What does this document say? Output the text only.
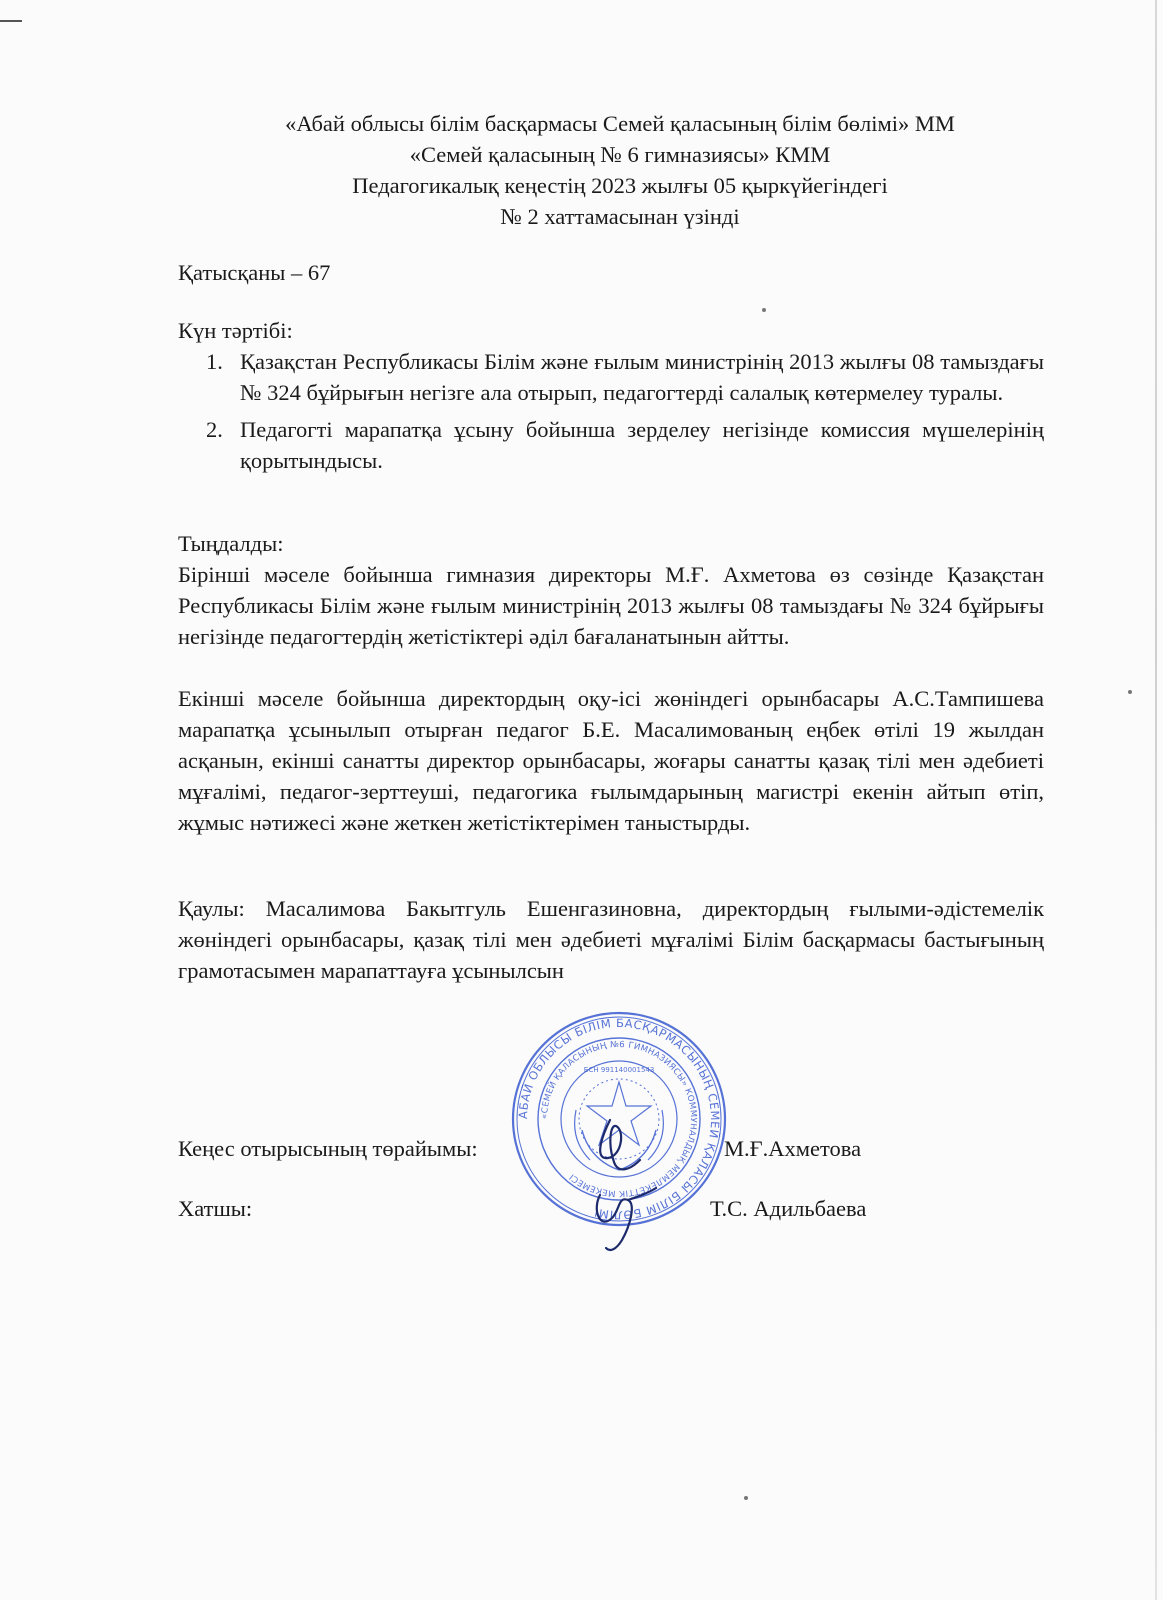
«Абай облысы білім басқармасы Семей қаласының білім бөлімі» ММ
«Семей қаласының № 6 гимназиясы» КММ
Педагогикалық кеңестің 2023 жылғы 05 қыркүйегіндегі
№ 2 хаттамасынан үзінді
Қатысқаны – 67
Күн тәртібі:
1. Қазақстан Республикасы Білім және ғылым министрінің 2013 жылғы 08 тамыздағы № 324 бұйрығын негізге ала отырып, педагогтерді салалық көтермелеу туралы.
2. Педагогті марапатқа ұсыну бойынша зерделеу негізінде комиссия мүшелерінің қорытындысы.
Тыңдалды:
Бірінші мәселе бойынша гимназия директоры М.Ғ. Ахметова өз сөзінде Қазақстан Республикасы Білім және ғылым министрінің 2013 жылғы 08 тамыздағы № 324 бұйрығы негізінде педагогтердің жетістіктері әділ бағаланатынын айтты.
Екінші мәселе бойынша директордың оқу-ісі жөніндегі орынбасары А.С.Тампишева марапатқа ұсынылып отырған педагог Б.Е. Масалимованың еңбек өтілі 19 жылдан асқанын, екінші санатты директор орынбасары, жоғары санатты қазақ тілі мен әдебиеті мұғалімі, педагог-зерттеуші, педагогика ғылымдарының магистрі екенін айтып өтіп, жұмыс нәтижесі және жеткен жетістіктерімен таныстырды.
Қаулы: Масалимова Бакытгуль Ешенгазиновна, директордың ғылыми-әдістемелік жөніндегі орынбасары, қазақ тілі мен әдебиеті мұғалімі Білім басқармасы бастығының грамотасымен марапаттауға ұсынылсын
Кеңес отырысының төрайымы:	М.Ғ.Ахметова
Хатшы:	Т.С. Адильбаева
АБАЙ ОБЛЫСЫ БІЛІМ БАСҚАРМАСЫНЫҢ СЕМЕЙ ҚАЛАСЫ БІЛІМ БӨЛІМІ
«СЕМЕЙ ҚАЛАСЫНЫҢ №6 ГИМНАЗИЯСЫ» КОММУНАЛДЫҚ МЕМЛЕКЕТТІК МЕКЕМЕСІ
БСН 991140001543
